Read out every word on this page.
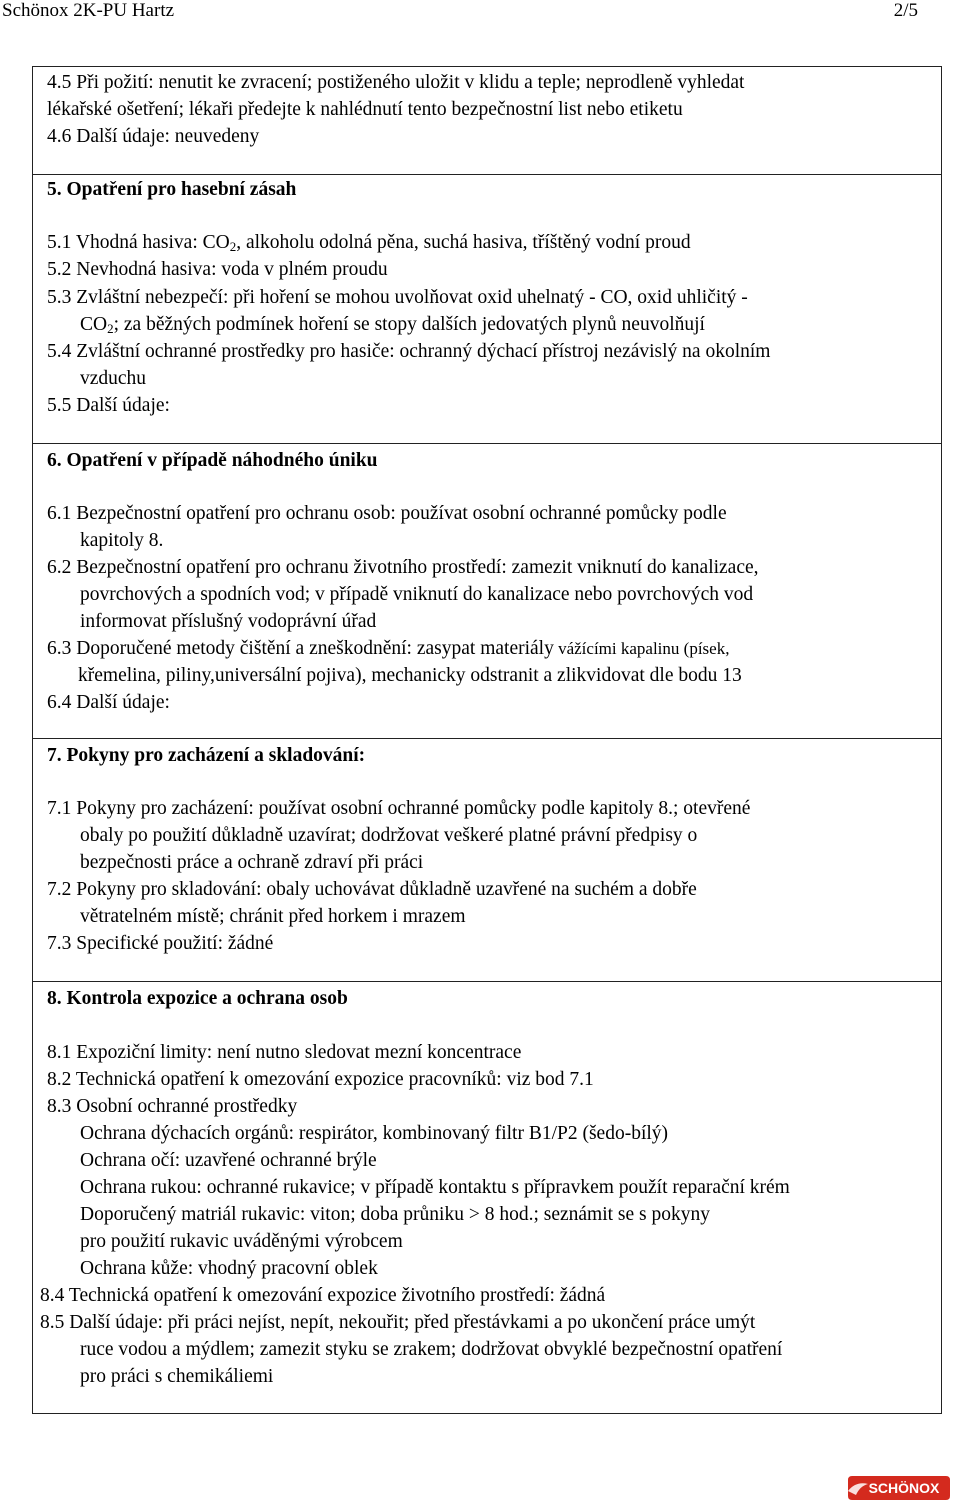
Schönox 2K-PU Hartz	2/5
4.5 Při požití: nenutit ke zvracení; postiženého uložit v klidu a teple; neprodleně vyhledat
lékařské ošetření; lékaři předejte k nahlédnutí tento bezpečnostní list nebo etiketu
4.6 Další údaje: neuvedeny
5. Opatření pro hasební zásah
5.1 Vhodná hasiva: $CO_2$, alkoholu odolná pěna, suchá hasiva, tříštěný vodní proud
5.2 Nevhodná hasiva: voda v plném proudu
5.3 Zvláštní nebezpečí: při hoření se mohou uvolňovat oxid uhelnatý - CO, oxid uhličitý -
$CO_2$; za běžných podmínek hoření se stopy dalších jedovatých plynů neuvolňují
5.4 Zvláštní ochranné prostředky pro hasiče: ochranný dýchací přístroj nezávislý na okolním
vzduchu
5.5 Další údaje:
6. Opatření v případě náhodného úniku
6.1 Bezpečnostní opatření pro ochranu osob: používat osobní ochranné pomůcky podle
kapitoly 8.
6.2 Bezpečnostní opatření pro ochranu životního prostředí: zamezit vniknutí do kanalizace,
povrchových a spodních vod; v případě vniknutí do kanalizace nebo povrchových vod
informovat příslušný vodoprávní úřad
6.3 Doporučené metody čištění a zneškodnění: zasypat materiály vážícími kapalinu (písek,
křemelina, piliny,universální pojiva), mechanicky odstranit a zlikvidovat dle bodu 13
6.4 Další údaje:
7. Pokyny pro zacházení a skladování:
7.1 Pokyny pro zacházení: používat osobní ochranné pomůcky podle kapitoly 8.; otevřené
obaly po použití důkladně uzavírat; dodržovat veškeré platné právní předpisy o
bezpečnosti práce a ochraně zdraví při práci
7.2 Pokyny pro skladování: obaly uchovávat důkladně uzavřené na suchém a dobře
větratelném místě; chránit před horkem i mrazem
7.3 Specifické použití: žádné
8. Kontrola expozice a ochrana osob
8.1 Expoziční limity: není nutno sledovat mezní koncentrace
8.2 Technická opatření k omezování expozice pracovníků: viz bod 7.1
8.3 Osobní ochranné prostředky
Ochrana dýchacích orgánů: respirátor, kombinovaný filtr B1/P2 (šedo-bílý)
Ochrana očí: uzavřené ochranné brýle
Ochrana rukou: ochranné rukavice; v případě kontaktu s přípravkem použít reparační krém
Doporučený matriál rukavic: viton; doba průniku > 8 hod.; seznámit se s pokyny
pro použití rukavic uváděnými výrobcem
Ochrana kůže: vhodný pracovní oblek
8.4 Technická opatření k omezování expozice životního prostředí: žádná
8.5 Další údaje: při práci nejíst, nepít, nekouřit; před přestávkami a po ukončení práce umýt
ruce vodou a mýdlem; zamezit styku se zrakem; dodržovat obvyklé bezpečnostní opatření
pro práci s chemikáliemi
SCHÖNOX
